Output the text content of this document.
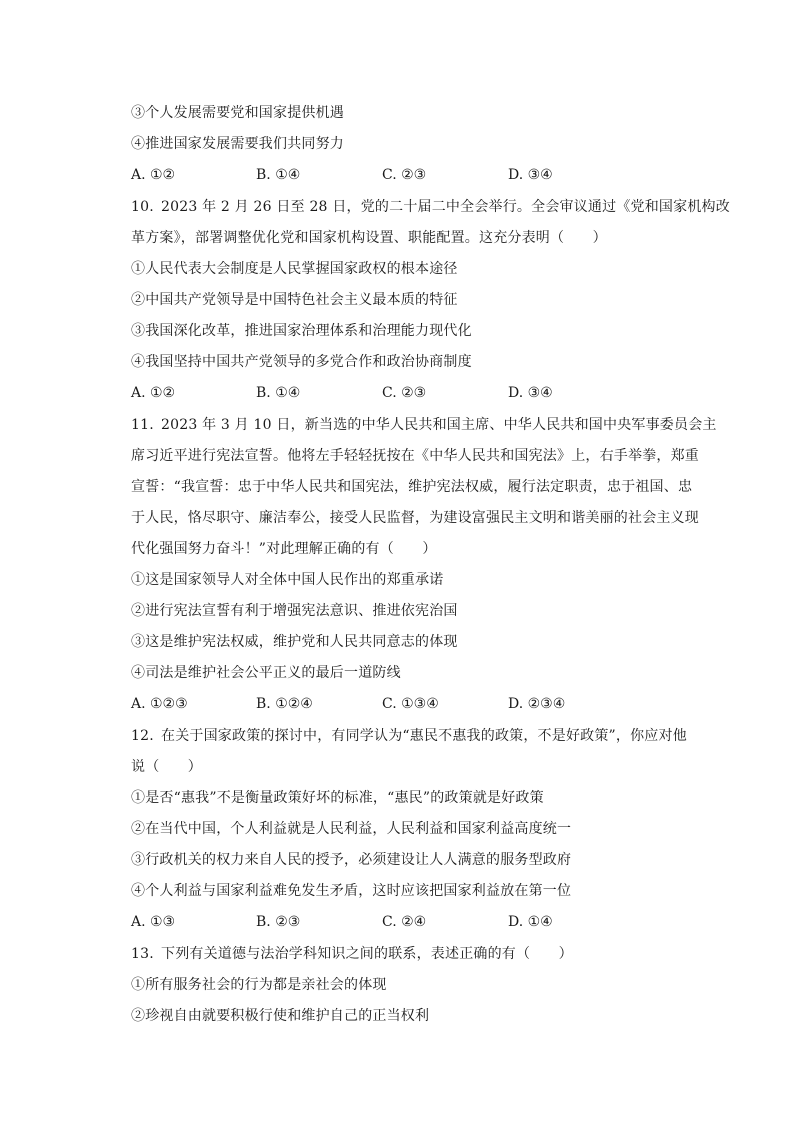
③个人发展需要党和国家提供机遇
④推进国家发展需要我们共同努力
A. ①②	B. ①④	C. ②③	D. ③④
10. 2023 年 2 月 26 日至 28 日，党的二十届二中全会举行。全会审议通过《党和国家机构改
革方案》，部署调整优化党和国家机构设置、职能配置。这充分表明（　　）
①人民代表大会制度是人民掌握国家政权的根本途径
②中国共产党领导是中国特色社会主义最本质的特征
③我国深化改革，推进国家治理体系和治理能力现代化
④我国坚持中国共产党领导的多党合作和政治协商制度
A. ①②	B. ①④	C. ②③	D. ③④
11. 2023 年 3 月 10 日，新当选的中华人民共和国主席、中华人民共和国中央军事委员会主
席习近平进行宪法宣誓。他将左手轻轻抚按在《中华人民共和国宪法》上，右手举拳，郑重
宣誓：“我宣誓：忠于中华人民共和国宪法，维护宪法权威，履行法定职责，忠于祖国、忠
于人民，恪尽职守、廉洁奉公，接受人民监督，为建设富强民主文明和谐美丽的社会主义现
代化强国努力奋斗！”对此理解正确的有（　　）
①这是国家领导人对全体中国人民作出的郑重承诺
②进行宪法宣誓有利于增强宪法意识、推进依宪治国
③这是维护宪法权威，维护党和人民共同意志的体现
④司法是维护社会公平正义的最后一道防线
A. ①②③	B. ①②④	C. ①③④	D. ②③④
12. 在关于国家政策的探讨中，有同学认为“惠民不惠我的政策，不是好政策”，你应对他
说（　　）
①是否“惠我”不是衡量政策好坏的标准，“惠民”的政策就是好政策
②在当代中国，个人利益就是人民利益，人民利益和国家利益高度统一
③行政机关的权力来自人民的授予，必须建设让人人满意的服务型政府
④个人利益与国家利益难免发生矛盾，这时应该把国家利益放在第一位
A. ①③	B. ②③	C. ②④	D. ①④
13. 下列有关道德与法治学科知识之间的联系，表述正确的有（　　）
①所有服务社会的行为都是亲社会的体现
②珍视自由就要积极行使和维护自己的正当权利
